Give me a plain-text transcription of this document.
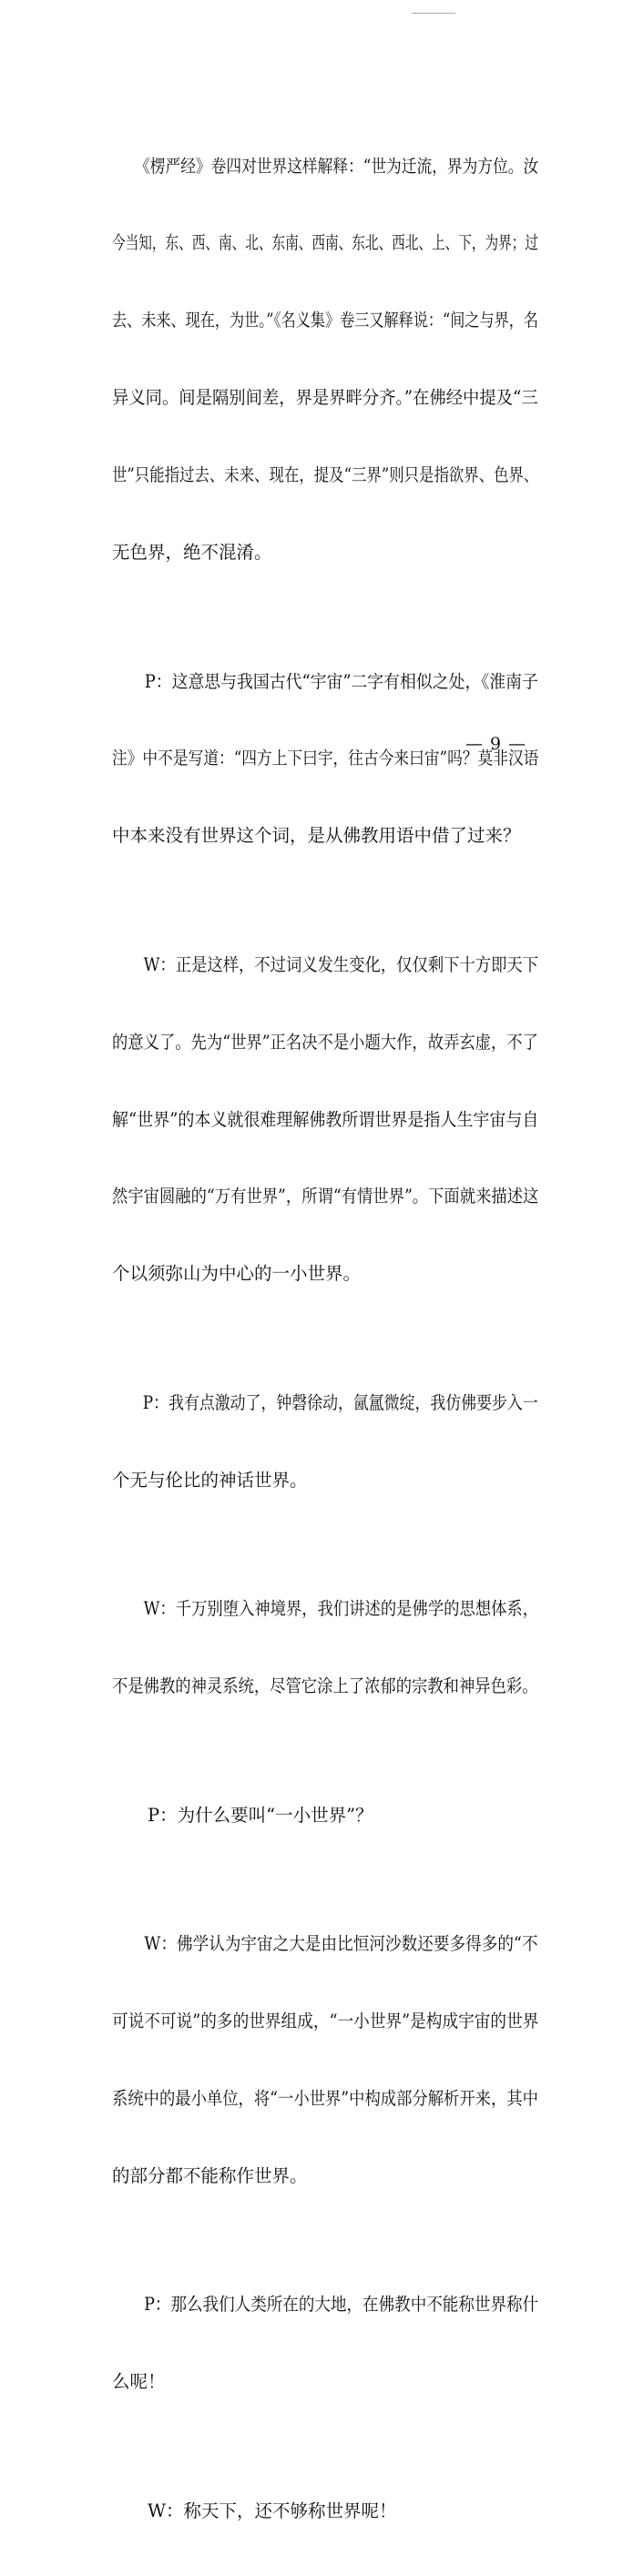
　　《楞严经》卷四对世界这样解释：“世为迁流，界为方位。汝

今当知，东、西、南、北、东南、西南、东北、西北、上、下，为界；过

去、未来、现在，为世。”《名义集》卷三又解释说：“间之与界，名

异义同。间是隔别间差，界是界畔分齐。”在佛经中提及“三

世”只能指过去、未来、现在，提及“三界”则只是指欲界、色界、

无色界，绝不混淆。

　　P：这意思与我国古代“宇宙”二字有相似之处，《淮南子

注》中不是写道：“四方上下曰宇，往古今来曰宙”吗？莫非汉语

中本来没有世界这个词，是从佛教用语中借了过来？

　　W：正是这样，不过词义发生变化，仅仅剩下十方即天下

的意义了。先为“世界”正名决不是小题大作，故弄玄虚，不了

解“世界”的本义就很难理解佛教所谓世界是指人生宇宙与自

然宇宙圆融的“万有世界”，所谓“有情世界”。下面就来描述这

个以须弥山为中心的一小世界。

　　P：我有点激动了，钟磬徐动，氤氲微绽，我仿佛要步入一

个无与伦比的神话世界。

　　W：千万别堕入神境界，我们讲述的是佛学的思想体系，

不是佛教的神灵系统，尽管它涂上了浓郁的宗教和神异色彩。

　　P：为什么要叫“一小世界”？

　　W：佛学认为宇宙之大是由比恒河沙数还要多得多的“不

可说不可说”的多的世界组成，“一小世界”是构成宇宙的世界

系统中的最小单位，将“一小世界”中构成部分解析开来，其中

的部分都不能称作世界。

　　P：那么我们人类所在的大地，在佛教中不能称世界称什

么呢！

　　W：称天下，还不够称世界呢！

— 9 —
